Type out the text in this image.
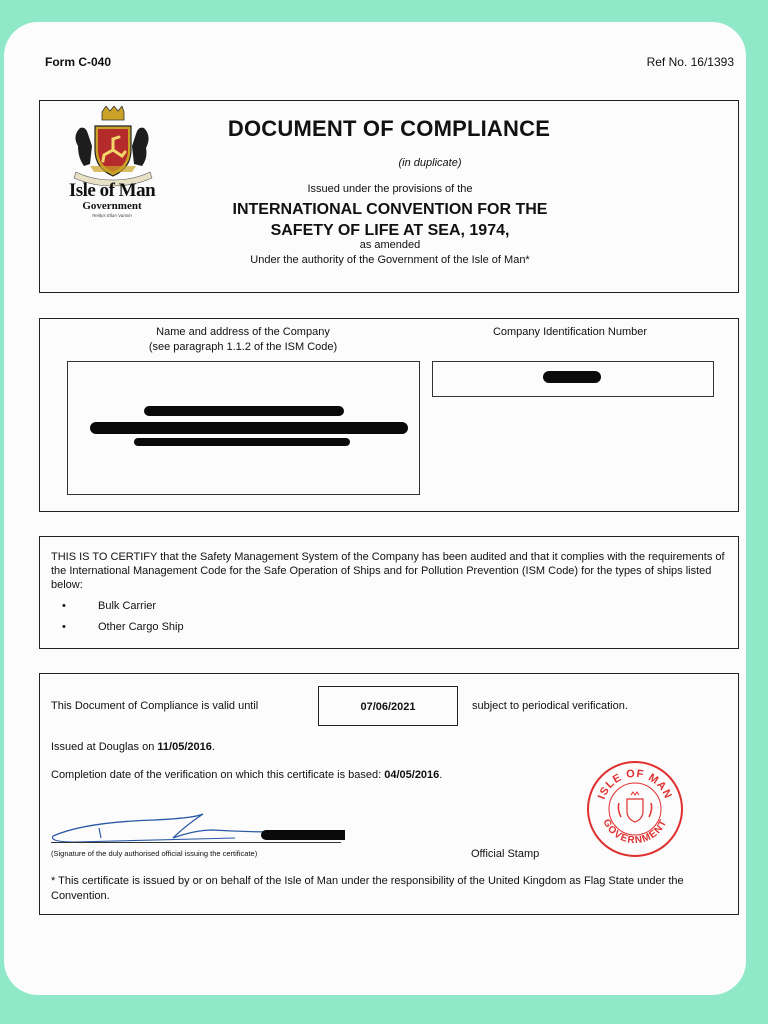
Form C-040	Ref No. 16/1393
Isle of Man
Government
Reiltys Ellan Vannin
DOCUMENT OF COMPLIANCE
(in duplicate)
Issued under the provisions of the
INTERNATIONAL CONVENTION FOR THE
SAFETY OF LIFE AT SEA, 1974,
as amended
Under the authority of the Government of the Isle of Man*
Name and address of the Company
(see paragraph 1.1.2 of the ISM Code)
Company Identification Number
THIS IS TO CERTIFY that the Safety Management System of the Company has been audited and that it complies with the requirements of the International Management Code for the Safe Operation of Ships and for Pollution Prevention (ISM Code) for the types of ships listed below:
•	Bulk Carrier
•	Other Cargo Ship
This Document of Compliance is valid until	07/06/2021	subject to periodical verification.
Issued at Douglas on 11/05/2016.
Completion date of the verification on which this certificate is based: 04/05/2016.
(Signature of the duly authorised official issuing the certificate)	Official Stamp
ISLE OF MAN
GOVERNMENT
* This certificate is issued by or on behalf of the Isle of Man under the responsibility of the United Kingdom as Flag State under the Convention.
